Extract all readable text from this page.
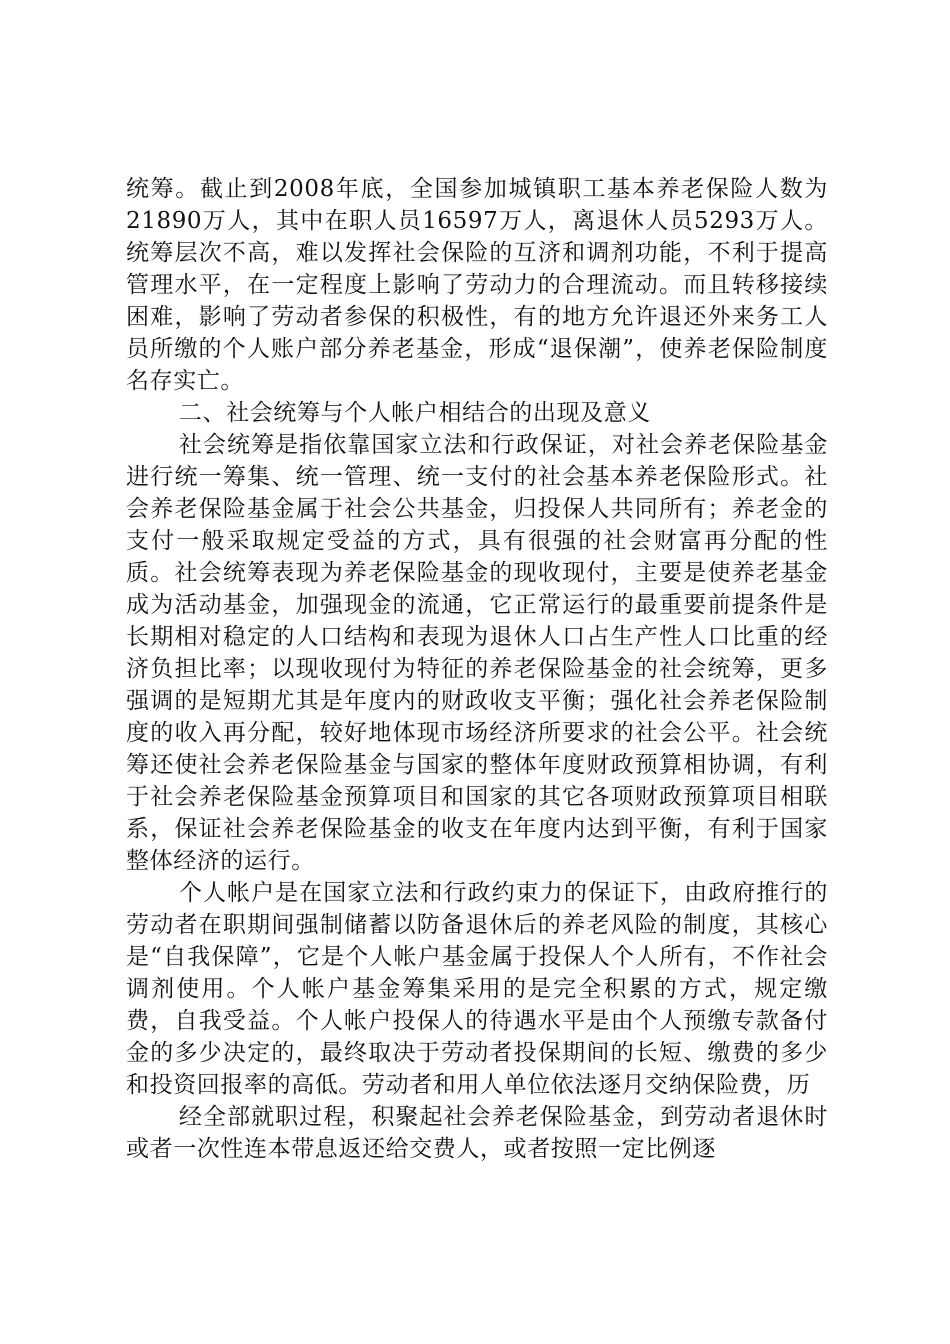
统筹。截止到2008年底，全国参加城镇职工基本养老保险人数为21890万人，其中在职人员16597万人，离退休人员5293万人。统筹层次不高，难以发挥社会保险的互济和调剂功能，不利于提高管理水平，在一定程度上影响了劳动力的合理流动。而且转移接续困难，影响了劳动者参保的积极性，有的地方允许退还外来务工人员所缴的个人账户部分养老基金，形成“退保潮”，使养老保险制度名存实亡。

二、社会统筹与个人帐户相结合的出现及意义

社会统筹是指依靠国家立法和行政保证，对社会养老保险基金进行统一筹集、统一管理、统一支付的社会基本养老保险形式。社会养老保险基金属于社会公共基金，归投保人共同所有；养老金的支付一般采取规定受益的方式，具有很强的社会财富再分配的性质。社会统筹表现为养老保险基金的现收现付，主要是使养老基金成为活动基金，加强现金的流通，它正常运行的最重要前提条件是长期相对稳定的人口结构和表现为退休人口占生产性人口比重的经济负担比率；以现收现付为特征的养老保险基金的社会统筹，更多强调的是短期尤其是年度内的财政收支平衡；强化社会养老保险制度的收入再分配，较好地体现市场经济所要求的社会公平。社会统筹还使社会养老保险基金与国家的整体年度财政预算相协调，有利于社会养老保险基金预算项目和国家的其它各项财政预算项目相联系，保证社会养老保险基金的收支在年度内达到平衡，有利于国家整体经济的运行。

个人帐户是在国家立法和行政约束力的保证下，由政府推行的劳动者在职期间强制储蓄以防备退休后的养老风险的制度，其核心是“自我保障”，它是个人帐户基金属于投保人个人所有，不作社会调剂使用。个人帐户基金筹集采用的是完全积累的方式，规定缴费，自我受益。个人帐户投保人的待遇水平是由个人预缴专款备付金的多少决定的，最终取决于劳动者投保期间的长短、缴费的多少和投资回报率的高低。劳动者和用人单位依法逐月交纳保险费，历

经全部就职过程，积聚起社会养老保险基金，到劳动者退休时或者一次性连本带息返还给交费人，或者按照一定比例逐
